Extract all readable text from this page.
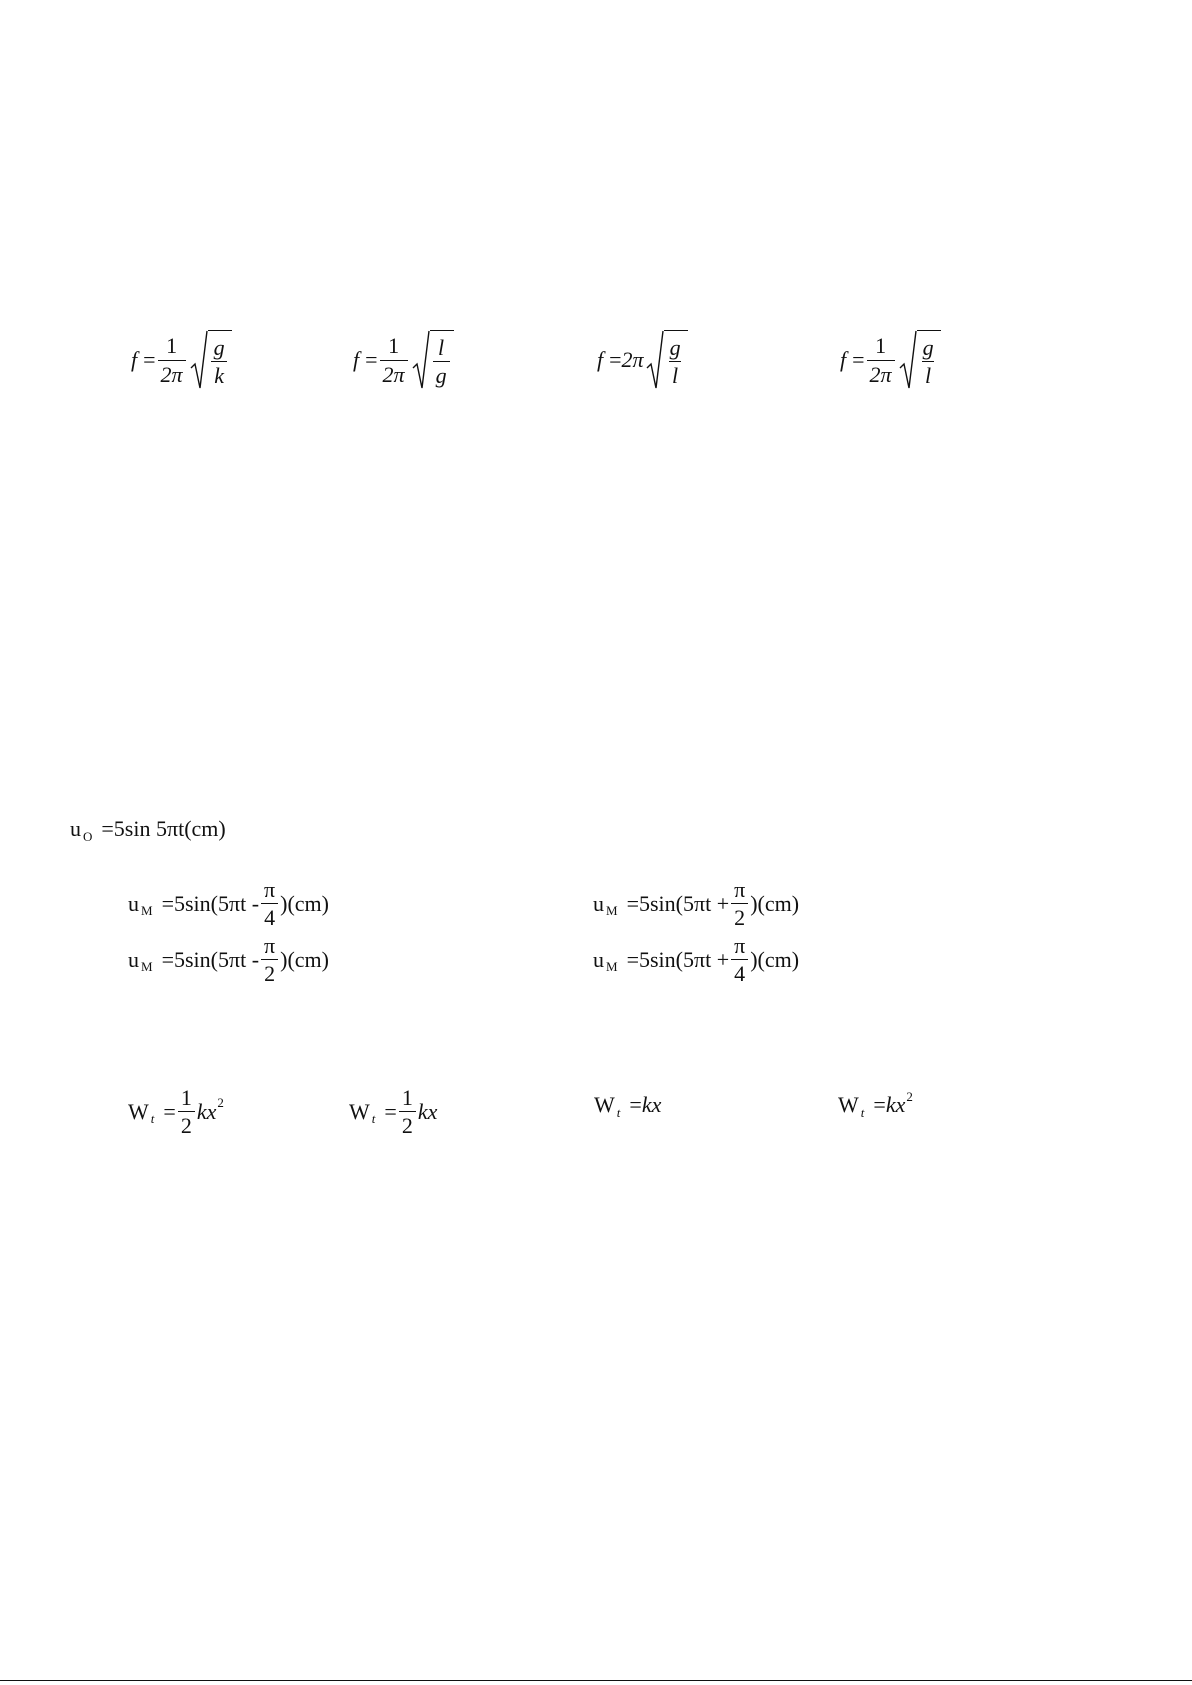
$f = \frac{1}{2\pi} \frac{g}{k}$	$f = \frac{1}{2\pi} \frac{l}{g}$	$f = 2\pi \frac{g}{l}$	$f = \frac{1}{2\pi} \frac{g}{l}$
u O =5sin 5πt(cm)
u $M =5\sin(5\pi t - \frac{\pi}{4} )(cm)$	u $M =5\sin(5\pi t + \frac{\pi}{2} )(cm)$
u $M =5\sin(5\pi t - \frac{\pi}{2} )(cm)$	u $M =5\sin(5\pi t + \frac{\pi}{4} )(cm)$
W $t = \frac{1}{2}$ kx 2	W $t = \frac{1}{2}$ kx	W t = kx	W t = kx 2
